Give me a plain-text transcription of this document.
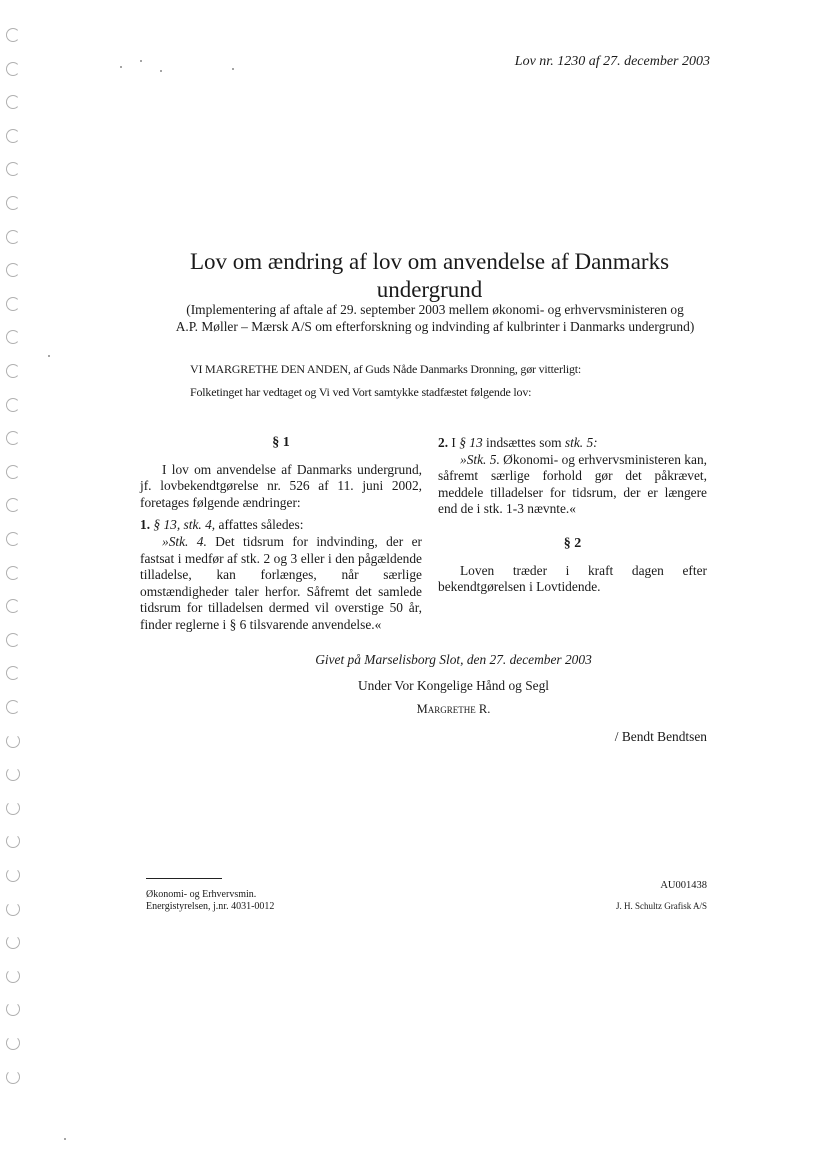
Lov nr. 1230 af 27. december 2003
Lov om ændring af lov om anvendelse af Danmarks
undergrund
(Implementering af aftale af 29. september 2003 mellem økonomi- og erhvervsministeren og
A.P. Møller – Mærsk A/S om efterforskning og indvinding af kulbrinter i Danmarks undergrund)
VI MARGRETHE DEN ANDEN, af Guds Nåde Danmarks Dronning, gør vitterligt:
Folketinget har vedtaget og Vi ved Vort samtykke stadfæstet følgende lov:
§ 1

I lov om anvendelse af Danmarks undergrund, jf. lovbekendtgørelse nr. 526 af 11. juni 2002, foretages følgende ændringer:

1. § 13, stk. 4, affattes således:

»Stk. 4. Det tidsrum for indvinding, der er fastsat i medfør af stk. 2 og 3 eller i den pågældende tilladelse, kan forlænges, når særlige omstændigheder taler herfor. Såfremt det samlede tidsrum for tilladelsen dermed vil overstige 50 år, finder reglerne i § 6 tilsvarende anvendelse.«

2. I § 13 indsættes som stk. 5:

»Stk. 5. Økonomi- og erhvervsministeren kan, såfremt særlige forhold gør det påkrævet, meddele tilladelser for tidsrum, der er længere end de i stk. 1-3 nævnte.«

§ 2

Loven træder i kraft dagen efter bekendtgørelsen i Lovtidende.

Givet på Marselisborg Slot, den 27. december 2003
Under Vor Kongelige Hånd og Segl
Margrethe R.
/ Bendt Bendtsen
Økonomi- og Erhvervsmin.
Energistyrelsen, j.nr. 4031-0012
AU001438
J. H. Schultz Grafisk A/S
